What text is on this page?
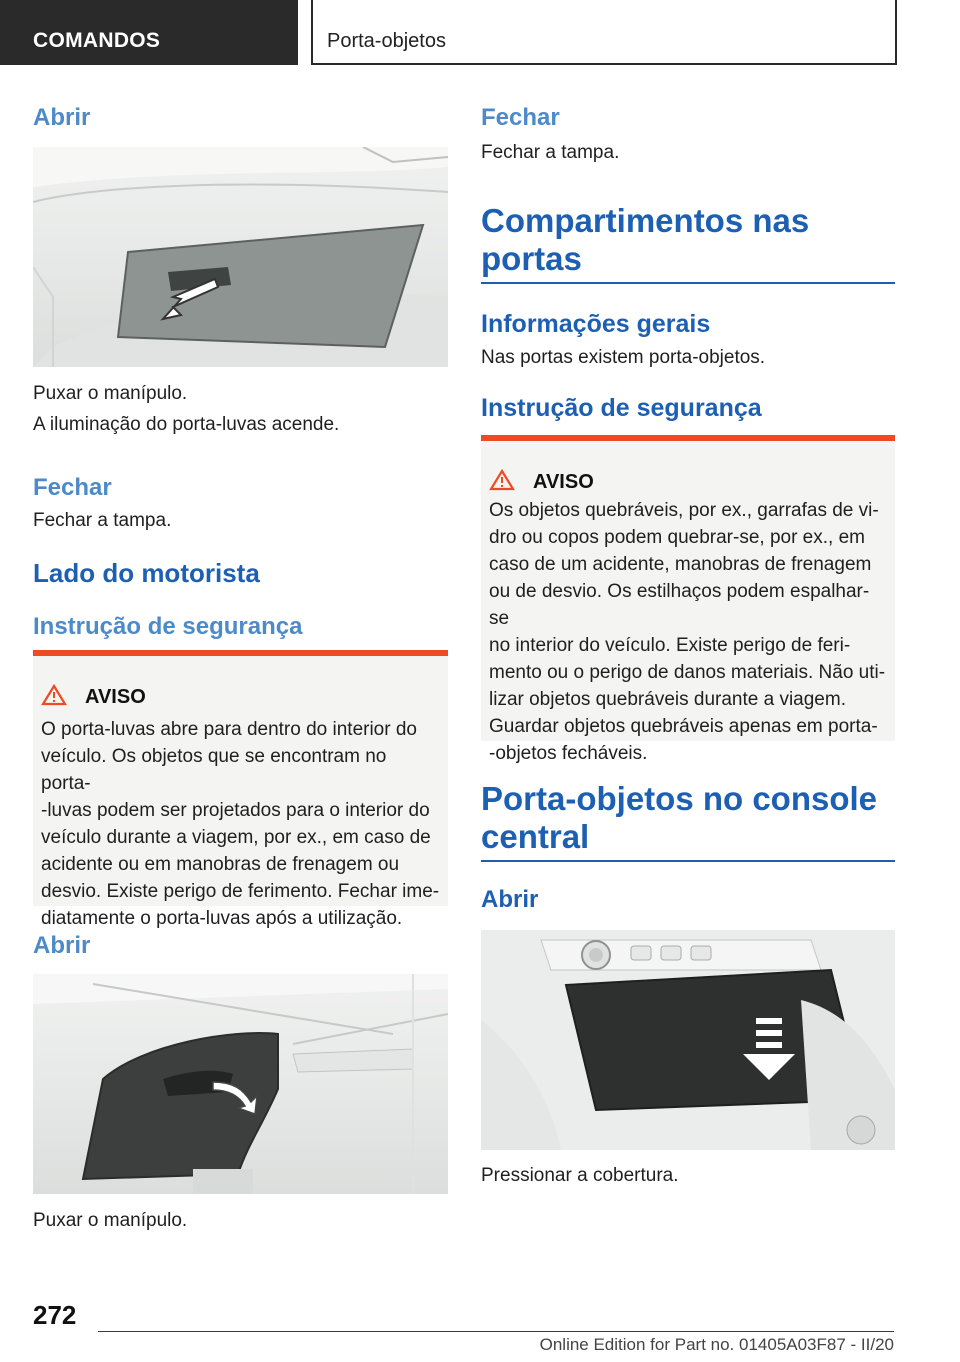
COMANDOS	Porta-objetos
Abrir

Puxar o manípulo.

A iluminação do porta-luvas acende.

Fechar

Fechar a tampa.

Lado do motorista
Instrução de segurança
AVISO
O porta-luvas abre para dentro do interior do
veículo. Os objetos que se encontram no porta-
-luvas podem ser projetados para o interior do
veículo durante a viagem, por ex., em caso de
acidente ou em manobras de frenagem ou
desvio. Existe perigo de ferimento. Fechar ime-
diatamente o porta-luvas após a utilização.
Abrir

Puxar o manípulo.

Fechar

Fechar a tampa.

Compartimentos nas portas
Informações gerais

Nas portas existem porta-objetos.

Instrução de segurança
AVISO
Os objetos quebráveis, por ex., garrafas de vi-
dro ou copos podem quebrar-se, por ex., em
caso de um acidente, manobras de frenagem
ou de desvio. Os estilhaços podem espalhar-se
no interior do veículo. Existe perigo de feri-
mento ou o perigo de danos materiais. Não uti-
lizar objetos quebráveis durante a viagem.
Guardar objetos quebráveis apenas em porta-
-objetos fecháveis.
Porta-objetos no console central
Abrir

Pressionar a cobertura.

272
Online Edition for Part no. 01405A03F87 - II/20
